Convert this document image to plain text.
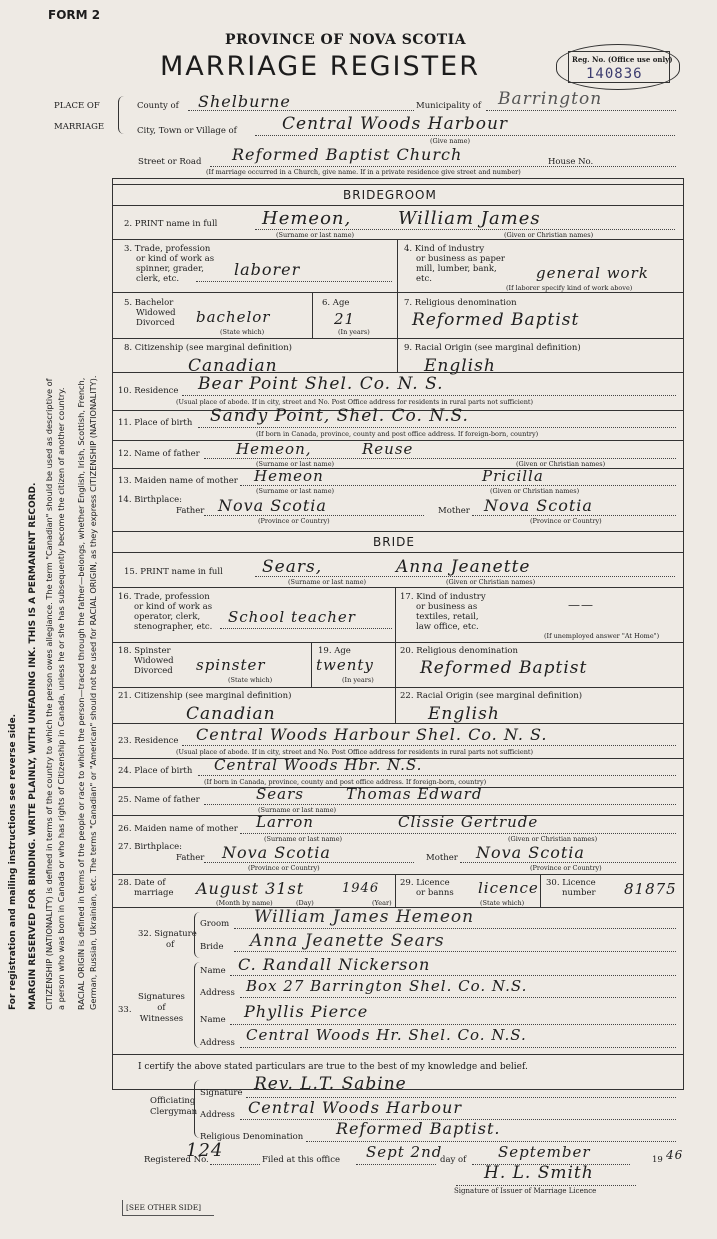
For registration and mailing instructions see reverse side. MARGIN RESERVED FOR BINDING. WRITE PLAINLY, WITH UNFADING INK. THIS IS A PERMANENT RECORD. CITIZENSHIP (NATIONALITY) is defined in terms of the country to which the person owes allegiance. The term "Canadian" should be used as descriptive of a person who was born in Canada or who has rights of Citizenship in Canada, unless he or she has subsequently become the citizen of another country. RACIAL ORIGIN is defined in terms of the people or race to which the person—traced through the father—belongs, whether English, Irish, Scottish, French, German, Russian, Ukrainian, etc. The terms "Canadian" or "American" should not be used for RACIAL ORIGIN, as they express CITIZENSHIP (NATIONALITY).
FORM 2
PROVINCE OF NOVA SCOTIA
MARRIAGE REGISTER	Reg. No. (Office use only)
140836
PLACE OF
MARRIAGE
County of Shelburne	Municipality of Barrington
City, Town or Village of	Central Woods Harbour
(Give name)
Street or Road Reformed Baptist Church	House No.
(If marriage occurred in a Church, give name. If in a private residence give street and number)
BRIDEGROOM
2. PRINT name in full Hemeon,	William James
(Surname or last name)	(Given or Christian names)
3. Trade, profession
or kind of work as
spinner, grader,
clerk, etc.	laborer
4. Kind of industry
or business as paper
mill, lumber, bank,
etc.	general work
(If laborer specify kind of work above)
5. Bachelor
Widowed
Divorced bachelor
(State which)
6. Age
21
(In years)
7. Religious denomination
Reformed Baptist
8. Citizenship (see marginal definition)
Canadian
9. Racial Origin (see marginal definition)
English
10. Residence Bear Point Shel. Co. N. S.
(Usual place of abode. If in city, street and No. Post Office address for residents in rural parts not sufficient)
11. Place of birth Sandy Point, Shel. Co. N.S.
(If born in Canada, province, county and post office address. If foreign-born, country)
12. Name of father Hemeon,	Reuse
(Surname or last name)	(Given or Christian names)
13. Maiden name of mother Hemeon	Pricilla
(Surname or last name)	(Given or Christian names)
14. Birthplace:
Father Nova Scotia	Mother Nova Scotia
(Province or Country)	(Province or Country)
BRIDE
15. PRINT name in full Sears,	Anna Jeanette
(Surname or last name)	(Given or Christian names)
16. Trade, profession
or kind of work as
operator, clerk,
stenographer, etc.
School teacher
17. Kind of industry
or business as
textiles, retail,
law office, etc.
——
(If unemployed answer "At Home")
18. Spinster
Widowed
Divorced spinster
(State which)
19. Age
twenty
(In years)
20. Religious denomination
Reformed Baptist
21. Citizenship (see marginal definition)
Canadian
22. Racial Origin (see marginal definition)
English
23. Residence Central Woods Harbour Shel. Co. N. S.
(Usual place of abode. If in city, street and No. Post Office address for residents in rural parts not sufficient)
24. Place of birth Central Woods Hbr. N.S.
(If born in Canada, province, county and post office address. If foreign-born, country)
25. Name of father	Sears	Thomas Edward
(Surname or last name)
26. Maiden name of mother Larron	Clissie Gertrude
(Surname or last name)	(Given or Christian names)
27. Birthplace:
Father Nova Scotia	Mother Nova Scotia
(Province or Country)	(Province or Country)
28. Date of
marriage August 31st	1946
(Month by name)	(Day)	(Year)
29. Licence
or banns licence
(State which)
30. Licence
number 81875
32. Signature
of
Groom William James Hemeon
Bride Anna Jeanette Sears
33.
Signatures
of
Witnesses
Name C. Randall Nickerson
Address Box 27 Barrington Shel. Co. N.S.
Name Phyllis Pierce
Address Central Woods Hr. Shel. Co. N.S.
I certify the above stated particulars are true to the best of my knowledge and belief.
Officiating
Clergyman
Signature Rev. L.T. Sabine
Address Central Woods Harbour
Religious Denomination Reformed Baptist.
Registered No.
124	Filed at this office Sept 2nd
day of September	19 46
H. L. Smith
Signature of Issuer of Marriage Licence
[SEE OTHER SIDE]
